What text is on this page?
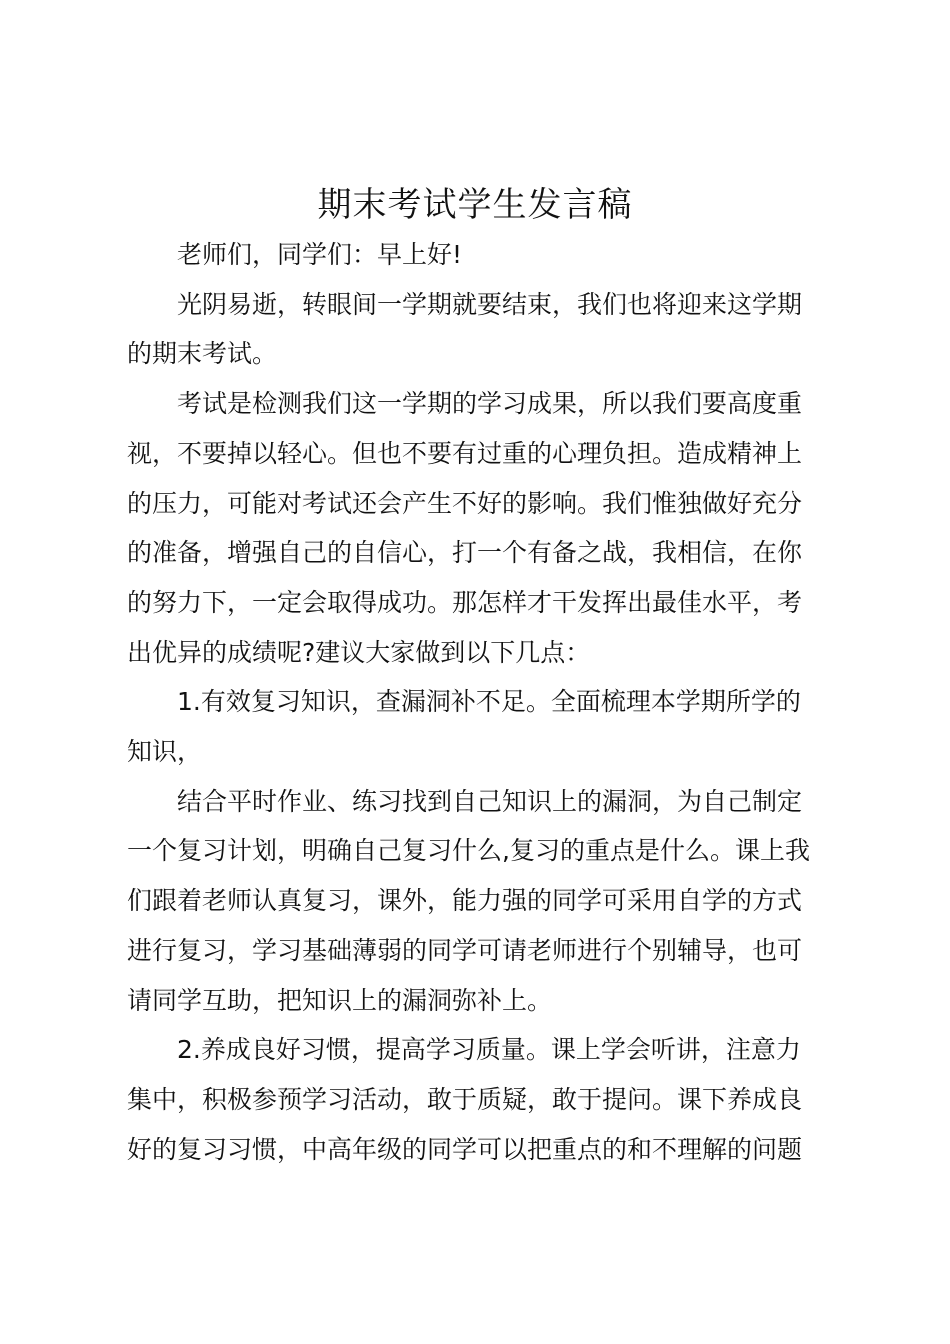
期末考试学生发言稿
老师们，同学们：早上好!
光阴易逝，转眼间一学期就要结束，我们也将迎来这学期
的期末考试。
考试是检测我们这一学期的学习成果，所以我们要高度重
视，不要掉以轻心。但也不要有过重的心理负担。造成精神上
的压力，可能对考试还会产生不好的影响。我们惟独做好充分
的准备，增强自己的自信心，打一个有备之战，我相信，在你
的努力下，一定会取得成功。那怎样才干发挥出最佳水平，考
出优异的成绩呢?建议大家做到以下几点：
1.有效复习知识，查漏洞补不足。全面梳理本学期所学的
知识，
结合平时作业、练习找到自己知识上的漏洞，为自己制定
一个复习计划，明确自己复习什么,复习的重点是什么。课上我
们跟着老师认真复习，课外，能力强的同学可采用自学的方式
进行复习，学习基础薄弱的同学可请老师进行个别辅导，也可
请同学互助，把知识上的漏洞弥补上。
2.养成良好习惯，提高学习质量。课上学会听讲，注意力
集中，积极参预学习活动，敢于质疑，敢于提问。课下养成良
好的复习习惯，中高年级的同学可以把重点的和不理解的问题
